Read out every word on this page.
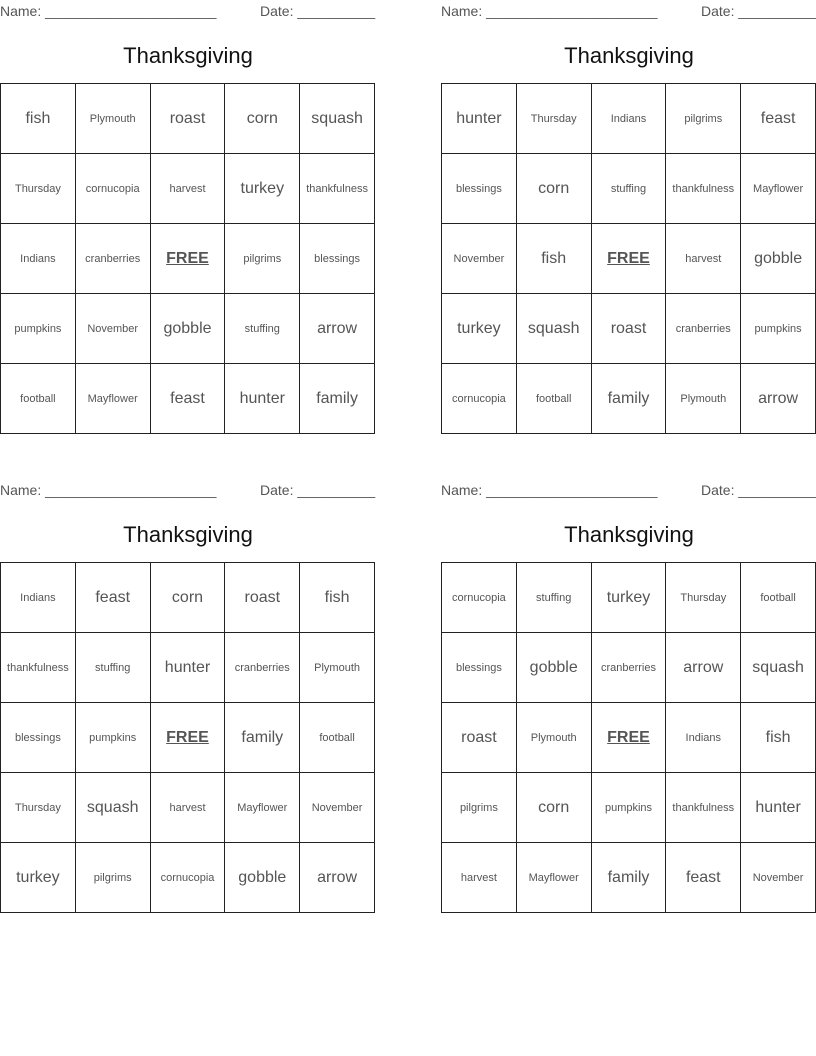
Name: ______________________	Date: __________
Thanksgiving
fish	Plymouth	roast	corn	squash
Thursday	cornucopia	harvest	turkey	thankfulness
Indians	cranberries	FREE	pilgrims	blessings
pumpkins	November	gobble	stuffing	arrow
football	Mayflower	feast	hunter	family
Name: ______________________	Date: __________
Thanksgiving
hunter	Thursday	Indians	pilgrims	feast
blessings	corn	stuffing	thankfulness	Mayflower
November	fish	FREE	harvest	gobble
turkey	squash	roast	cranberries	pumpkins
cornucopia	football	family	Plymouth	arrow
Name: ______________________	Date: __________
Thanksgiving
Indians	feast	corn	roast	fish
thankfulness	stuffing	hunter	cranberries	Plymouth
blessings	pumpkins	FREE	family	football
Thursday	squash	harvest	Mayflower	November
turkey	pilgrims	cornucopia	gobble	arrow
Name: ______________________	Date: __________
Thanksgiving
cornucopia	stuffing	turkey	Thursday	football
blessings	gobble	cranberries	arrow	squash
roast	Plymouth	FREE	Indians	fish
pilgrims	corn	pumpkins	thankfulness	hunter
harvest	Mayflower	family	feast	November
